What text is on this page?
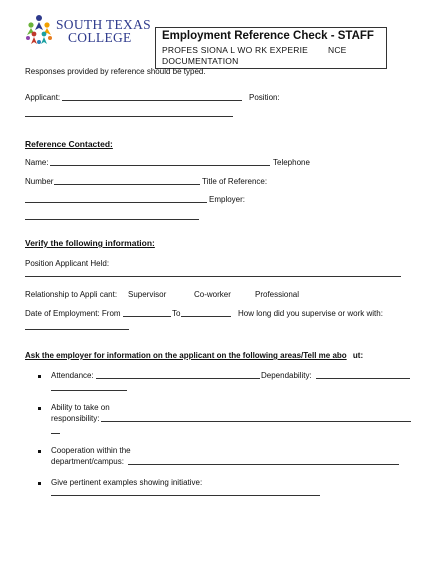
SOUTH TEXAS
COLLEGE	Employment Reference Check - STAFF
PROFES SIONA L WO RK EXPERIE NCE
DOCUMENTATION
Responses provided by reference should be typed.
Applicant:	Position:
Reference Contacted:
Name:	Telephone
Number	Title of Reference:
Employer:
Verify the following information:
Position Applicant Held:
Relationship to Appli cant: Supervisor	Co-worker	Professional
Date of Employment: From	To	How long did you supervise or work with:
Ask the employer for information on the applicant on the following areas/Tell me abo ut:
Attendance:	Dependability:
Ability to take on
responsibility:
Cooperation within the
department/campus:
Give pertinent examples showing initiative:
